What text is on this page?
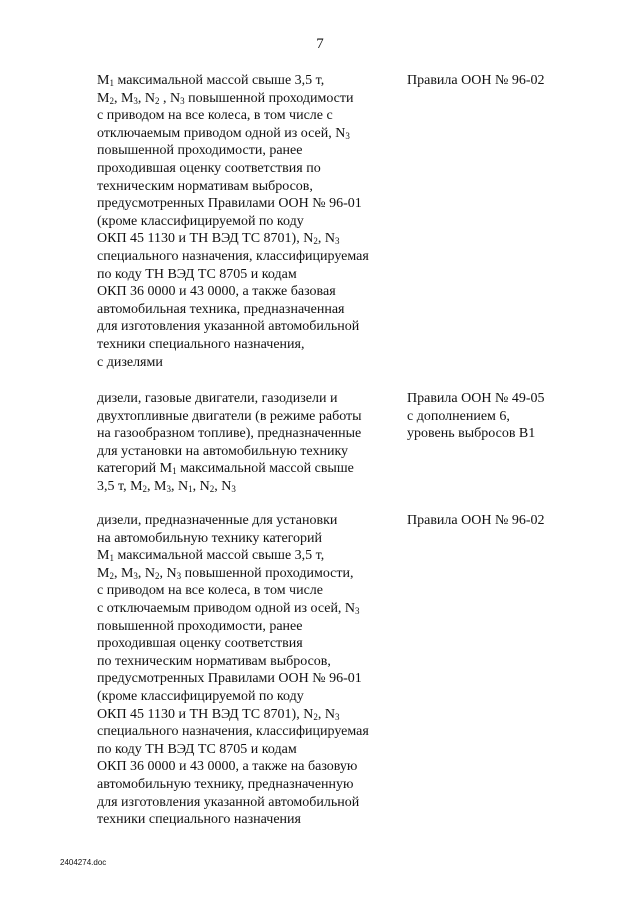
7
$M_1$ максимальной массой свыше 3,5 т,
$M_2$, $M_3$, $N_2$ , $N_3$ повышенной проходимости
с приводом на все колеса, в том числе с
отключаемым приводом одной из осей, $N_3$
повышенной проходимости, ранее
проходившая оценку соответствия по
техническим нормативам выбросов,
предусмотренных Правилами ООН № 96-01
(кроме классифицируемой по коду
ОКП 45 1130 и ТН ВЭД ТС 8701), $N_2$, $N_3$
специального назначения, классифицируемая
по коду ТН ВЭД ТС 8705 и кодам
ОКП 36 0000 и 43 0000, а также базовая
автомобильная техника, предназначенная
для изготовления указанной автомобильной
техники специального назначения,
с дизелями
Правила ООН № 96-02
дизели, газовые двигатели, газодизели и
двухтопливные двигатели (в режиме работы
на газообразном топливе), предназначенные
для установки на автомобильную технику
категорий $M_1$ максимальной массой свыше
3,5 т, $M_2$, $M_3$, $N_1$, $N_2$, $N_3$
Правила ООН № 49-05
с дополнением 6,
уровень выбросов B1
дизели, предназначенные для установки
на автомобильную технику категорий
$M_1$ максимальной массой свыше 3,5 т,
$M_2$, $M_3$, $N_2$, $N_3$ повышенной проходимости,
с приводом на все колеса, в том числе
с отключаемым приводом одной из осей, $N_3$
повышенной проходимости, ранее
проходившая оценку соответствия
по техническим нормативам выбросов,
предусмотренных Правилами ООН № 96-01
(кроме классифицируемой по коду
ОКП 45 1130 и ТН ВЭД ТС 8701), $N_2$, $N_3$
специального назначения, классифицируемая
по коду ТН ВЭД ТС 8705 и кодам
ОКП 36 0000 и 43 0000, а также на базовую
автомобильную технику, предназначенную
для изготовления указанной автомобильной
техники специального назначения
Правила ООН № 96-02
2404274.doc
